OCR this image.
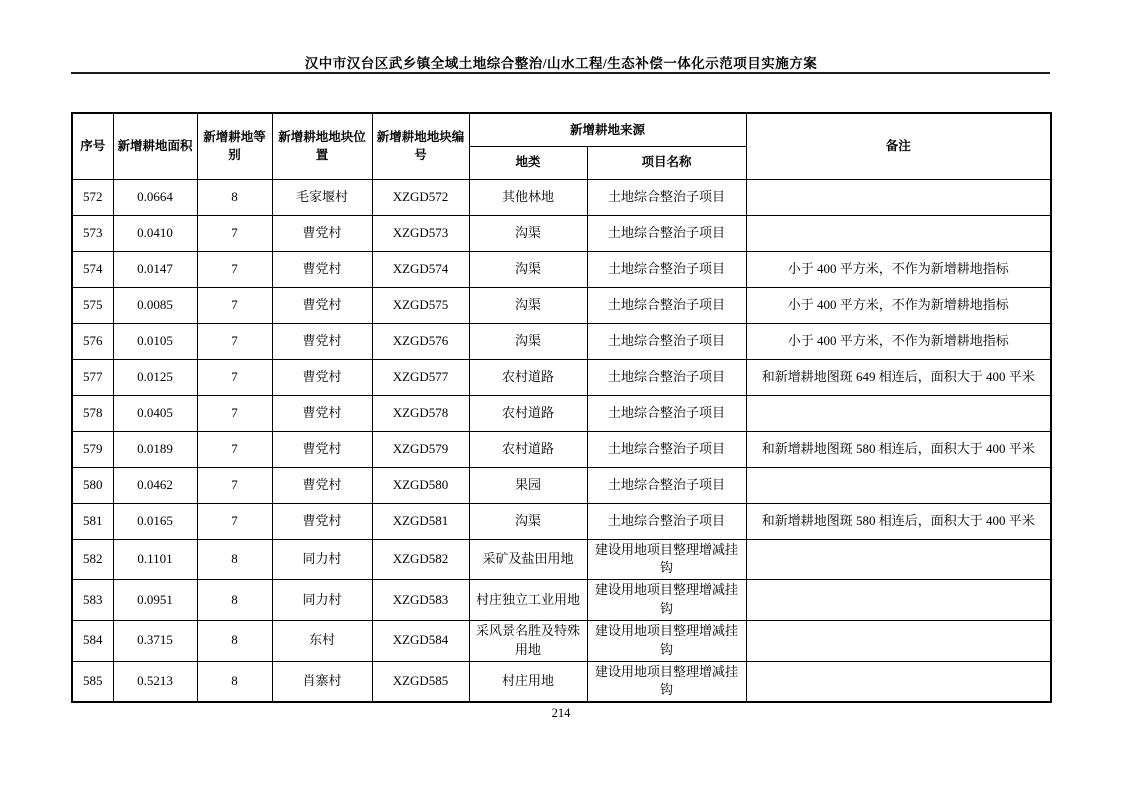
汉中市汉台区武乡镇全域土地综合整治/山水工程/生态补偿一体化示范项目实施方案
序号	新增耕地面积	新增耕地等别	新增耕地地块位置	新增耕地地块编号	新增耕地来源		备注
					地类	项目名称	
572	0.0664	8	毛家堰村	XZGD572	其他林地	土地综合整治子项目	
573	0.0410	7	曹党村	XZGD573	沟渠	土地综合整治子项目	
574	0.0147	7	曹党村	XZGD574	沟渠	土地综合整治子项目	小于 400 平方米，不作为新增耕地指标
575	0.0085	7	曹党村	XZGD575	沟渠	土地综合整治子项目	小于 400 平方米，不作为新增耕地指标
576	0.0105	7	曹党村	XZGD576	沟渠	土地综合整治子项目	小于 400 平方米，不作为新增耕地指标
577	0.0125	7	曹党村	XZGD577	农村道路	土地综合整治子项目	和新增耕地图斑 649 相连后，面积大于 400 平米
578	0.0405	7	曹党村	XZGD578	农村道路	土地综合整治子项目	
579	0.0189	7	曹党村	XZGD579	农村道路	土地综合整治子项目	和新增耕地图斑 580 相连后，面积大于 400 平米
580	0.0462	7	曹党村	XZGD580	果园	土地综合整治子项目	
581	0.0165	7	曹党村	XZGD581	沟渠	土地综合整治子项目	和新增耕地图斑 580 相连后，面积大于 400 平米
582	0.1101	8	同力村	XZGD582	采矿及盐田用地	建设用地项目整理增减挂钩	
583	0.0951	8	同力村	XZGD583	村庄独立工业用地	建设用地项目整理增减挂钩	
584	0.3715	8	东村	XZGD584	采风景名胜及特殊用地	建设用地项目整理增减挂钩	
585	0.5213	8	肖寨村	XZGD585	村庄用地	建设用地项目整理增减挂钩	
214
